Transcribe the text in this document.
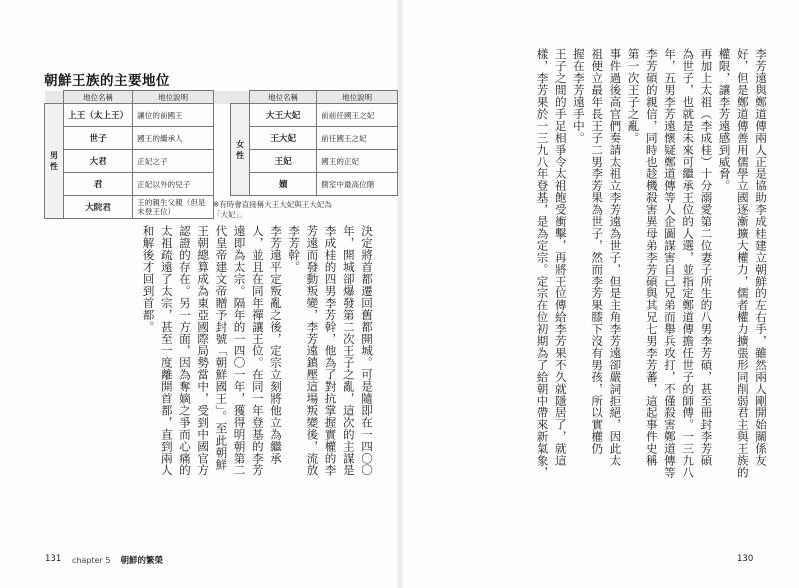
李芳遠與鄭道傳兩人正是協助李成桂建立朝鮮的左右手，雖然兩人剛開始關係友
好，但是鄭道傳善用儒學立國逐漸擴大權力，儒者權力擴張形同削弱君主與王族的
權限，讓李芳遠感到威脅。
再加上太祖（李成桂）十分溺愛第二位妻子所生的八男李芳碩，甚至冊封李芳碩
為世子，也就是未來可繼承王位的人選，並指定鄭道傳擔任世子的師傅。一三九八
年，五男李芳遠懷疑鄭道傳等人企圖謀害自己兄弟而舉兵攻打，不僅殺害鄭道傳等
李芳碩的親信，同時也趁機殺害異母弟李芳碩與其兄七男李芳蕃，這起事件史稱
第一次王子之亂。
事件過後高官們奏請太祖立李芳遠為世子，但是主角李芳遠卻嚴詞拒絕，因此太
祖便立最年長王子二男李芳果為世子，然而李芳果膝下沒有男孩，所以實權仍
握在李芳遠手中。
王子之間的手足相爭令太祖飽受衝擊，再將王位傳給李芳果不久就隱居了，就這
樣，李芳果於一三九八年登基，是為定宗。定宗在位初期為了給朝中帶來新氣象，

130

朝鮮王族的主要地位
	地位名稱	地位說明			地位名稱	地位說明
男性	上王（太上王）	讓位的前國王		女性	大王大妃	前前任國王之妃
	世子	國王的繼承人			王大妃	前任國王之妃
	大君	正妃之子			王妃	國王的正妃
	君	正妃以外的兒子			嬪	側室中最高位階
	大院君	王的親生父親（但是未登王位）				

※有時會直接稱大王大妃與王大妃為「大妃」。

決定將首都遷回舊都開城。可是隨即在一四〇〇
年，開城卻爆發第二次王子之亂，這次的主謀是
李成桂的四男李芳幹，他為了對抗掌握實權的李
芳遠而發動叛變，李芳遠鎮壓這場叛變後，流放
李芳幹。
李芳遠平定叛亂之後，定宗立刻將他立為繼承
人，並且在同年禪讓王位。在同一年登基的李芳
遠即為太宗。隔年的一四〇一年，獲得明朝第二
代皇帝建文帝贈予封號「朝鮮國王」。至此朝鮮
王朝總算成為東亞國際局勢當中，受到中國官方
認證的存在。另一方面，因為奪嫡之爭而心痛的
太祖疏遠了太宗，甚至一度離開首都，直到兩人
和解後才回到首都。

131 chapter 5 朝鮮的繁榮
